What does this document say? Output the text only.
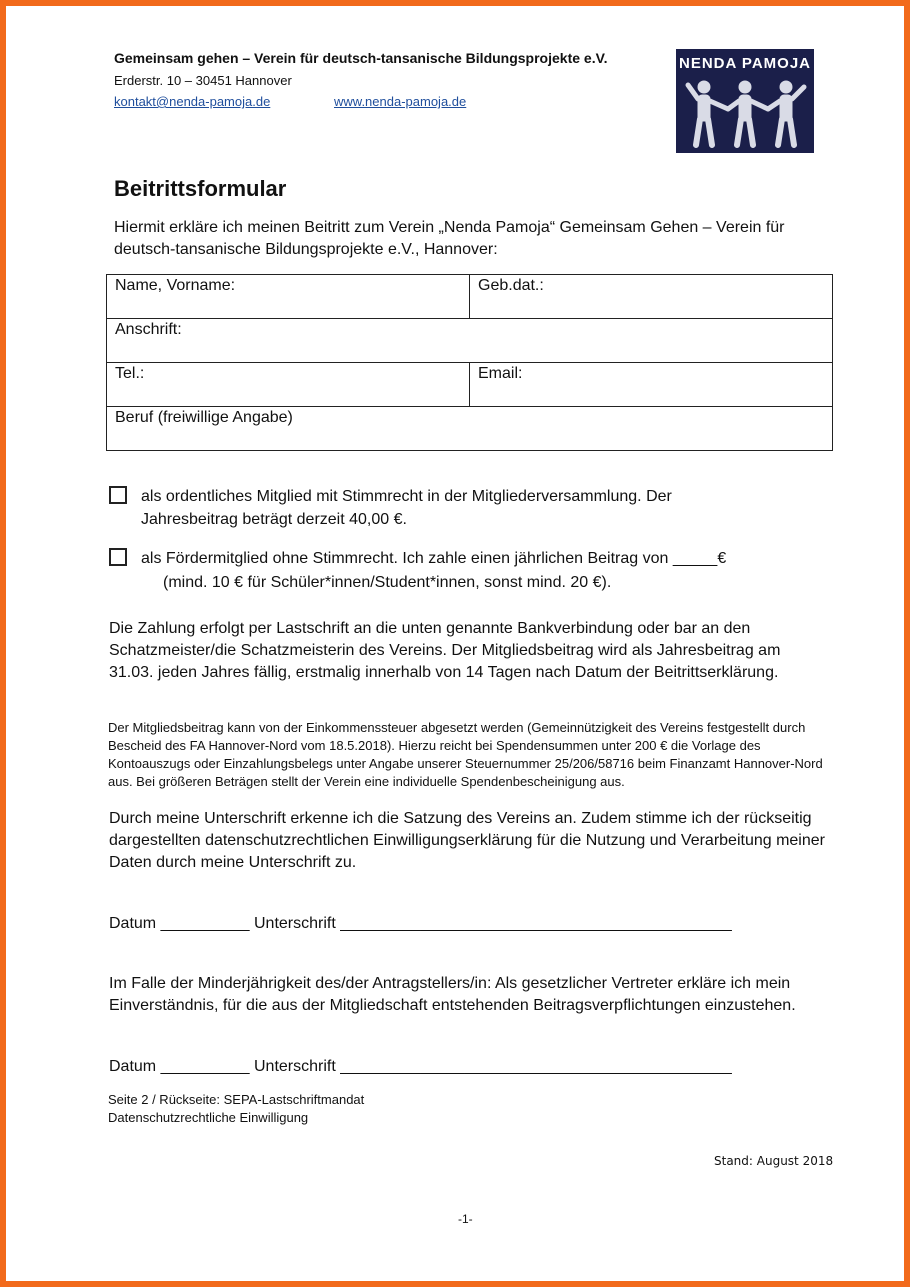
Gemeinsam gehen – Verein für deutsch-tansanische Bildungsprojekte e.V.
Erderstr. 10 – 30451 Hannover
kontakt@nenda-pamoja.de	www.nenda-pamoja.de
NENDA PAMOJA
Beitrittsformular
Hiermit erkläre ich meinen Beitritt zum Verein „Nenda Pamoja“ Gemeinsam Gehen – Verein für deutsch-tansanische Bildungsprojekte e.V., Hannover:
Name, Vorname:	Geb.dat.:
Anschrift:	
Tel.:	Email:
Beruf (freiwillige Angabe)	
als ordentliches Mitglied mit Stimmrecht in der Mitgliederversammlung. Der
Jahresbeitrag beträgt derzeit 40,00 €.
als Fördermitglied ohne Stimmrecht. Ich zahle einen jährlichen Beitrag von _____€
(mind. 10 € für Schüler*innen/Student*innen, sonst mind. 20 €).
Die Zahlung erfolgt per Lastschrift an die unten genannte Bankverbindung oder bar an den Schatzmeister/die Schatzmeisterin des Vereins. Der Mitgliedsbeitrag wird als Jahresbeitrag am 31.03. jeden Jahres fällig, erstmalig innerhalb von 14 Tagen nach Datum der Beitrittserklärung.
Der Mitgliedsbeitrag kann von der Einkommenssteuer abgesetzt werden (Gemeinnützigkeit des Vereins festgestellt durch Bescheid des FA Hannover-Nord vom 18.5.2018). Hierzu reicht bei Spendensummen unter 200 € die Vorlage des Kontoauszugs oder Einzahlungsbelegs unter Angabe unserer Steuernummer 25/206/58716 beim Finanzamt Hannover-Nord aus. Bei größeren Beträgen stellt der Verein eine individuelle Spendenbescheinigung aus.
Durch meine Unterschrift erkenne ich die Satzung des Vereins an. Zudem stimme ich der rückseitig dargestellten datenschutzrechtlichen Einwilligungserklärung für die Nutzung und Verarbeitung meiner Daten durch meine Unterschrift zu.
Datum __________ Unterschrift ____________________________________________
Im Falle der Minderjährigkeit des/der Antragstellers/in: Als gesetzlicher Vertreter erkläre ich mein Einverständnis, für die aus der Mitgliedschaft entstehenden Beitragsverpflichtungen einzustehen.
Datum __________ Unterschrift ____________________________________________
Seite 2 / Rückseite: SEPA-Lastschriftmandat
Datenschutzrechtliche Einwilligung
Stand: August 2018
-1-
